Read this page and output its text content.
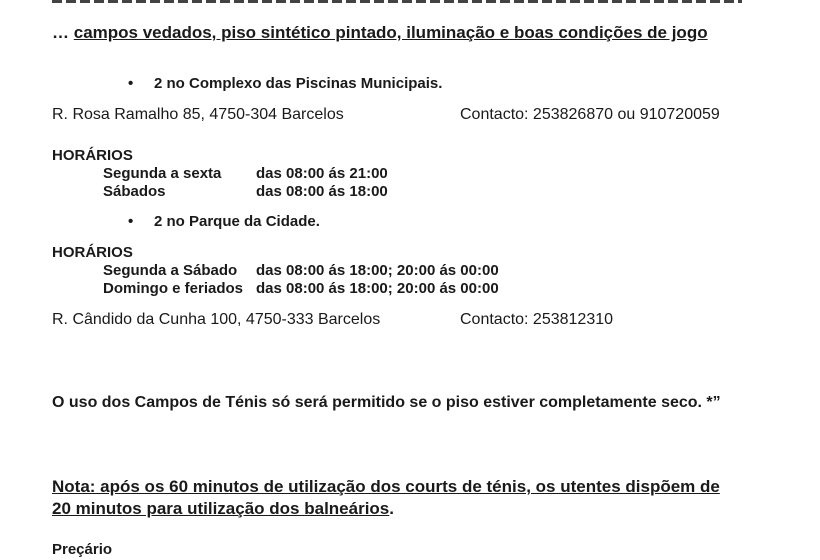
… campos vedados, piso sintético pintado, iluminação e boas condições de jogo
• 2 no Complexo das Piscinas Municipais.
R. Rosa Ramalho 85, 4750-304 Barcelos	Contacto: 253826870 ou 910720059
HORÁRIOS
Segunda a sexta das 08:00 ás 21:00
Sábados	das 08:00 ás 18:00
• 2 no Parque da Cidade.
HORÁRIOS
Segunda a Sábado das 08:00 ás 18:00; 20:00 ás 00:00
Domingo e feriados das 08:00 ás 18:00; 20:00 ás 00:00
R. Cândido da Cunha 100, 4750-333 Barcelos	Contacto: 253812310
O uso dos Campos de Ténis só será permitido se o piso estiver completamente seco. *”
Nota: após os 60 minutos de utilização dos courts de ténis, os utentes dispõem de
20 minutos para utilização dos balneários.
Preçário
